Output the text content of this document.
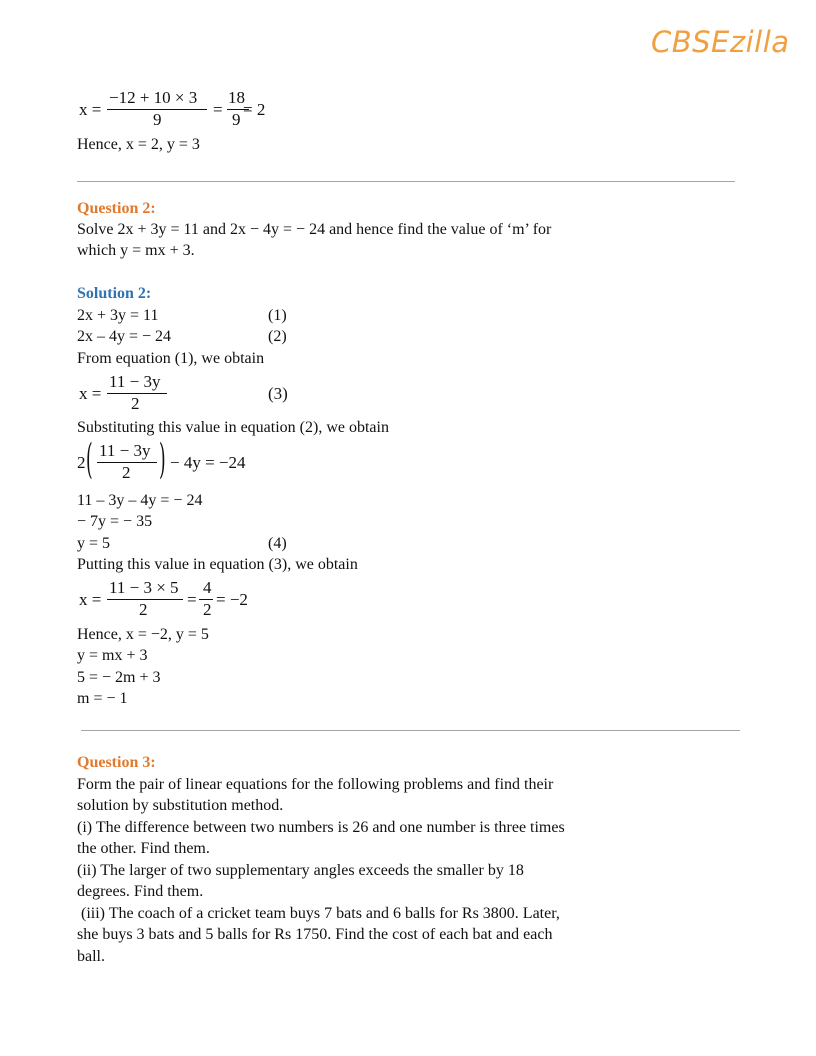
CBSEzilla
x =
−12 + 10 × 3
9
=
18
9
= 2
Hence, x = 2, y = 3
Question 2:
Solve 2x + 3y = 11 and 2x − 4y = − 24 and hence find the value of ‘m’ for
which y = mx + 3.
Solution 2:
2x + 3y = 11	(1)
2x – 4y = − 24	(2)
From equation (1), we obtain
x =
11 − 3y
2
(3)
Substituting this value in equation (2), we obtain
2 ( 11 − 3y
2 ) − 4y = −24
11 – 3y – 4y = − 24
− 7y = − 35
y = 5	(4)
Putting this value in equation (3), we obtain
x =
11 − 3 × 5
2
=
4
2
= −2
Hence, x = −2, y = 5
y = mx + 3
5 = − 2m + 3
m = − 1
Question 3:
Form the pair of linear equations for the following problems and find their
solution by substitution method.
(i) The difference between two numbers is 26 and one number is three times
the other. Find them.
(ii) The larger of two supplementary angles exceeds the smaller by 18
degrees. Find them.
(iii) The coach of a cricket team buys 7 bats and 6 balls for Rs 3800. Later,
she buys 3 bats and 5 balls for Rs 1750. Find the cost of each bat and each
ball.
